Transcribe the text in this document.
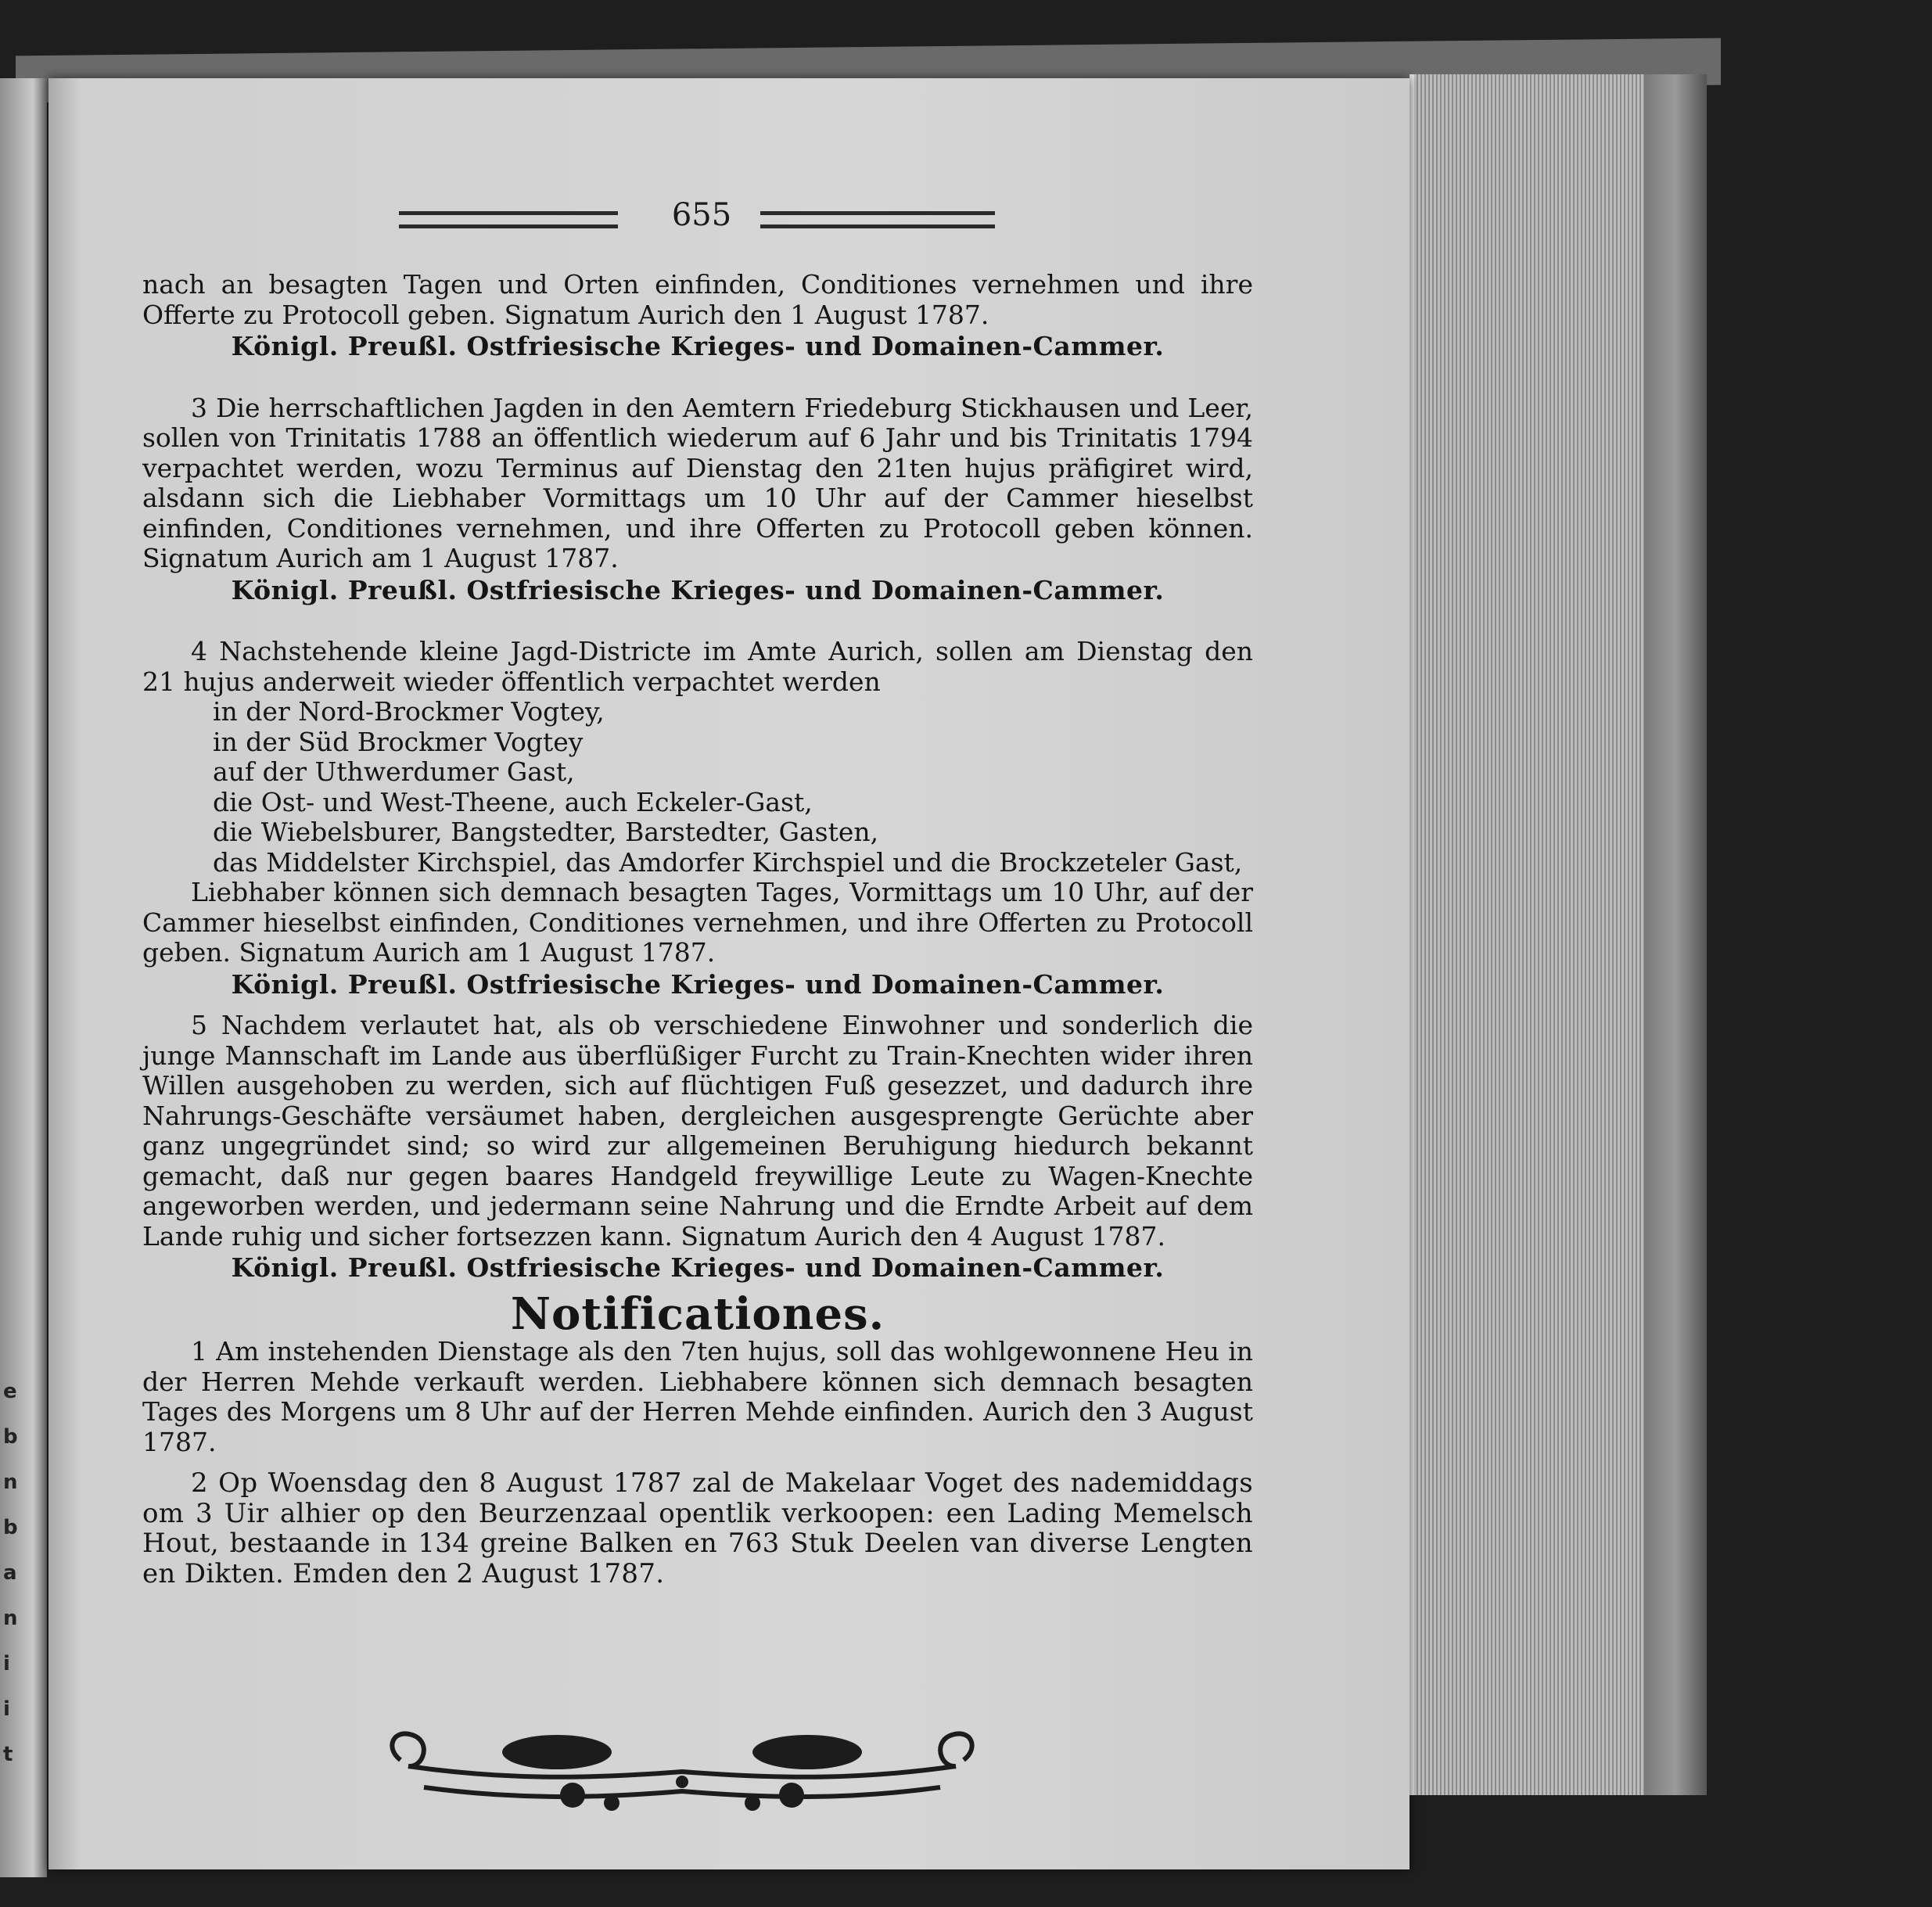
e
b
n
b
a
n
i
i
t
655

nach an besagten Tagen und Orten einfinden, Conditiones vernehmen und ihre Offerte zu Protocoll geben. Signatum Aurich den 1 August 1787.

Königl. Preußl. Ostfriesische Krieges- und Domainen-Cammer.

3 Die herrschaftlichen Jagden in den Aemtern Friedeburg Stickhausen und Leer, sollen von Trinitatis 1788 an öffentlich wiederum auf 6 Jahr und bis Trinitatis 1794 verpachtet werden, wozu Terminus auf Dienstag den 21ten hujus präfigiret wird, alsdann sich die Liebhaber Vormittags um 10 Uhr auf der Cammer hieselbst einfinden, Conditiones vernehmen, und ihre Offerten zu Protocoll geben können. Signatum Aurich am 1 August 1787.

Königl. Preußl. Ostfriesische Krieges- und Domainen-Cammer.

4 Nachstehende kleine Jagd-Districte im Amte Aurich, sollen am Dienstag den 21 hujus anderweit wieder öffentlich verpachtet werden

in der Nord-Brockmer Vogtey,
in der Süd Brockmer Vogtey
auf der Uthwerdumer Gast,
die Ost- und West-Theene, auch Eckeler-Gast,
die Wiebelsburer, Bangstedter, Barstedter, Gasten,
das Middelster Kirchspiel, das Amdorfer Kirchspiel und die Brockzeteler Gast,

Liebhaber können sich demnach besagten Tages, Vormittags um 10 Uhr, auf der Cammer hieselbst einfinden, Conditiones vernehmen, und ihre Offerten zu Protocoll geben. Signatum Aurich am 1 August 1787.

Königl. Preußl. Ostfriesische Krieges- und Domainen-Cammer.

5 Nachdem verlautet hat, als ob verschiedene Einwohner und sonderlich die junge Mannschaft im Lande aus überflüßiger Furcht zu Train-Knechten wider ihren Willen ausgehoben zu werden, sich auf flüchtigen Fuß gesezzet, und dadurch ihre Nahrungs-Geschäfte versäumet haben, dergleichen ausgesprengte Gerüchte aber ganz ungegründet sind; so wird zur allgemeinen Beruhigung hiedurch bekannt gemacht, daß nur gegen baares Handgeld freywillige Leute zu Wagen-Knechte angeworben werden, und jedermann seine Nahrung und die Erndte Arbeit auf dem Lande ruhig und sicher fortsezzen kann. Signatum Aurich den 4 August 1787.

Königl. Preußl. Ostfriesische Krieges- und Domainen-Cammer.

Notificationes.

1 Am instehenden Dienstage als den 7ten hujus, soll das wohlgewonnene Heu in der Herren Mehde verkauft werden. Liebhabere können sich demnach besagten Tages des Morgens um 8 Uhr auf der Herren Mehde einfinden. Aurich den 3 August 1787.

2 Op Woensdag den 8 August 1787 zal de Makelaar Voget des nademiddags om 3 Uir alhier op den Beurzenzaal opentlik verkoopen: een Lading Memelsch Hout, bestaande in 134 greine Balken en 763 Stuk Deelen van diverse Lengten en Dikten. Emden den 2 August 1787.
